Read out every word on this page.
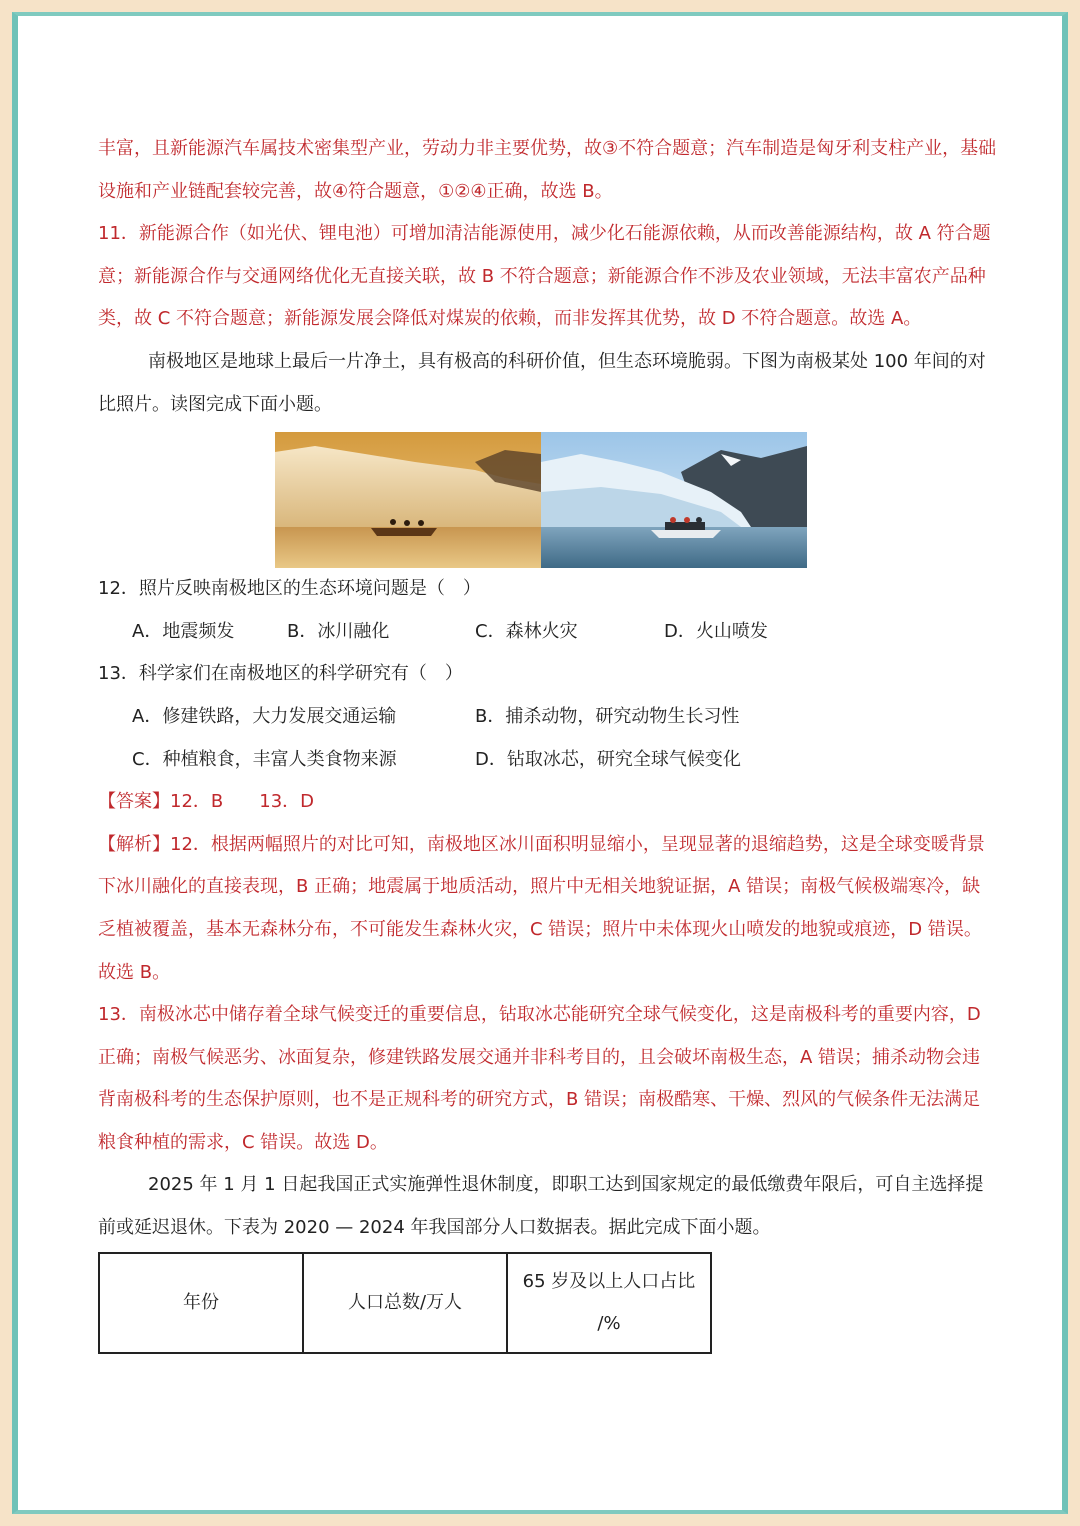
丰富，且新能源汽车属技术密集型产业，劳动力非主要优势，故③不符合题意；汽车制造是匈牙利支柱产业，基础设施和产业链配套较完善，故④符合题意，①②④正确，故选 B。

11．新能源合作（如光伏、锂电池）可增加清洁能源使用，减少化石能源依赖，从而改善能源结构，故 A 符合题意；新能源合作与交通网络优化无直接关联，故 B 不符合题意；新能源合作不涉及农业领域，无法丰富农产品种类，故 C 不符合题意；新能源发展会降低对煤炭的依赖，而非发挥其优势，故 D 不符合题意。故选 A。

南极地区是地球上最后一片净土，具有极高的科研价值，但生态环境脆弱。下图为南极某处 100 年间的对比照片。读图完成下面小题。

12．照片反映南极地区的生态环境问题是（　）

A．地震频发	B．冰川融化	C．森林火灾	D．火山喷发

13．科学家们在南极地区的科学研究有（　）

A．修建铁路，大力发展交通运输	B．捕杀动物，研究动物生长习性
C．种植粮食，丰富人类食物来源	D．钻取冰芯，研究全球气候变化

【答案】12．B　　13．D

【解析】12．根据两幅照片的对比可知，南极地区冰川面积明显缩小，呈现显著的退缩趋势，这是全球变暖背景下冰川融化的直接表现，B 正确；地震属于地质活动，照片中无相关地貌证据，A 错误；南极气候极端寒冷，缺乏植被覆盖，基本无森林分布，不可能发生森林火灾，C 错误；照片中未体现火山喷发的地貌或痕迹，D 错误。故选 B。

13．南极冰芯中储存着全球气候变迁的重要信息，钻取冰芯能研究全球气候变化，这是南极科考的重要内容，D 正确；南极气候恶劣、冰面复杂，修建铁路发展交通并非科考目的，且会破坏南极生态，A 错误；捕杀动物会违背南极科考的生态保护原则，也不是正规科考的研究方式，B 错误；南极酷寒、干燥、烈风的气候条件无法满足粮食种植的需求，C 错误。故选 D。

2025 年 1 月 1 日起我国正式实施弹性退休制度，即职工达到国家规定的最低缴费年限后，可自主选择提前或延迟退休。下表为 2020 — 2024 年我国部分人口数据表。据此完成下面小题。

年份	人口总数/万人	65 岁及以上人口占比 /%
